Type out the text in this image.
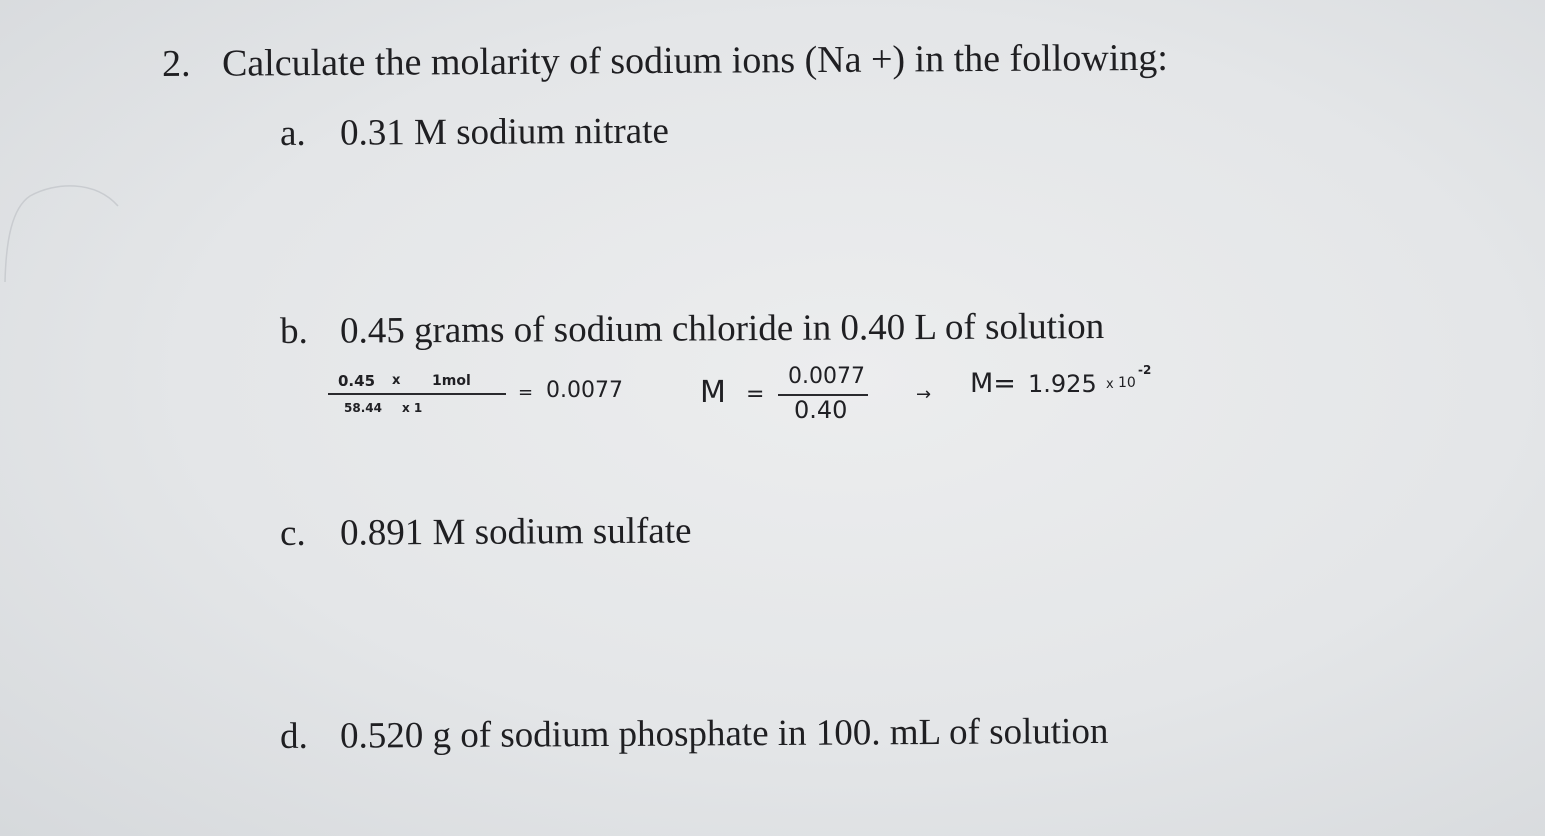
2. Calculate the molarity of sodium ions (Na +) in the following:
a. 0.31 M sodium nitrate
b. 0.45 grams of sodium chloride in 0.40 L of solution
0.45 x 1mol
58.44 x 1
= 0.0077	M =
0.0077
0.40
→ M= 1.925 x 10
-2
c. 0.891 M sodium sulfate
d. 0.520 g of sodium phosphate in 100. mL of solution
